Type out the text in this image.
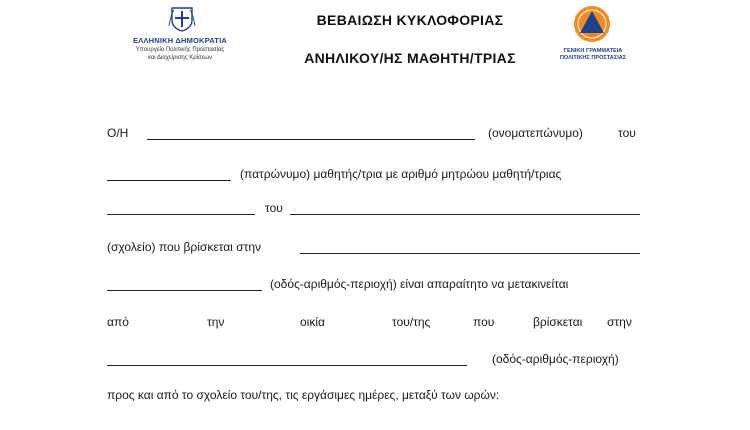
ΕΛΛΗΝΙΚΗ ΔΗΜΟΚΡΑΤΙΑ
Υπουργείο Πολιτικής Προστασίας
και Διαχείρισης Κρίσεων
ΒΕΒΑΙΩΣΗ ΚΥΚΛΟΦΟΡΙΑΣ
ΑΝΗΛΙΚΟΥ/ΗΣ ΜΑΘΗΤΗ/ΤΡΙΑΣ	ΓΕΝΙΚΗ ΓΡΑΜΜΑΤΕΙΑ
ΠΟΛΙΤΙΚΗΣ ΠΡΟΣΤΑΣΙΑΣ
Ο/Η	(ονοματεπώνυμο)	του
(πατρώνυμο) μαθητής/τρια με αριθμό μητρώου μαθητή/τριας
του
(σχολείο) που βρίσκεται στην
(οδός-αριθμός-περιοχή) είναι απαραίτητο να μετακινείται
από	την	οικία	του/της	που	βρίσκεται στην
(οδός-αριθμός-περιοχή)
προς και από το σχολείο του/της, τις εργάσιμες ημέρες, μεταξύ των ωρών:
